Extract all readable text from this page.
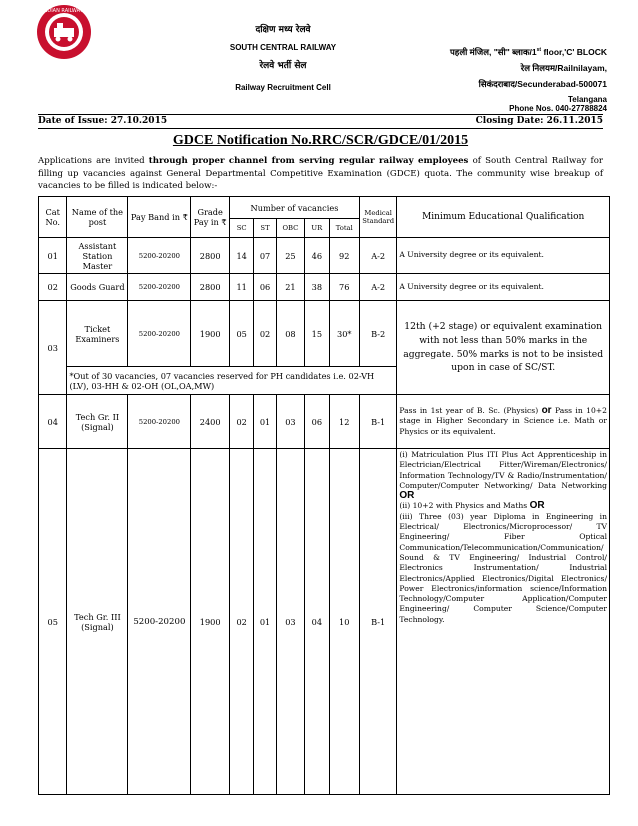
INDIAN RAILWAYS
दक्षिण मध्य रेलवे
SOUTH CENTRAL RAILWAY
रेलवे भर्ती सेल
Railway Recruitment Cell
पहली मंजिल, "सी" ब्लाक/1st floor,'C' BLOCK
रेल निलयम/Railnilayam,
सिकंदराबाद/Secunderabad-500071
Telangana
Phone Nos. 040-27788824
Date of Issue: 27.10.2015	Closing Date: 26.11.2015
GDCE Notification No.RRC/SCR/GDCE/01/2015
Applications are invited through proper channel from serving regular railway employees of South Central Railway for filling up vacancies against General Departmental Competitive Examination (GDCE) quota. The community wise breakup of vacancies to be filled is indicated below:-
Cat No.	Name of the post	Pay Band in ₹	Grade Pay in ₹	Number of vacancies					Medical Standard	Minimum Educational Qualification
				SC	ST	OBC	UR	Total		
01	Assistant Station Master	5200-20200	2800	14	07	25	46	92	A-2	A University degree or its equivalent.
02	Goods Guard	5200-20200	2800	11	06	21	38	76	A-2	A University degree or its equivalent.
03	Ticket Examiners	5200-20200	1900	05	02	08	15	30*	B-2	12th (+2 stage) or equivalent examination with not less than 50% marks in the aggregate. 50% marks is not to be insisted upon in case of SC/ST.
	*Out of 30 vacancies, 07 vacancies reserved for PH candidates i.e. 02-VH (LV), 03-HH & 02-OH (OL,OA,MW)									
04	Tech Gr. II (Signal)	5200-20200	2400	02	01	03	06	12	B-1	Pass in 1st year of B. Sc. (Physics) or Pass in 10+2 stage in Higher Secondary in Science i.e. Math or Physics or its equivalent.
05	Tech Gr. III (Signal)	5200-20200	1900	02	01	03	04	10	B-1	(i) Matriculation Plus ITI Plus Act Apprenticeship in Electrician/Electrical Fitter/Wireman/Electronics/ Information Technology/TV & Radio/Instrumentation/ Computer/Computer Networking/ Data Networking OR
(ii) 10+2 with Physics and Maths OR
(iii) Three (03) year Diploma in Engineering in Electrical/ Electronics/Microprocessor/ TV Engineering/ Fiber Optical Communication/Telecommunication/Communication/ Sound & TV Engineering/ Industrial Control/ Electronics Instrumentation/ Industrial Electronics/Applied Electronics/Digital Electronics/ Power Electronics/information science/Information Technology/Computer Application/Computer Engineering/ Computer Science/Computer Technology.
